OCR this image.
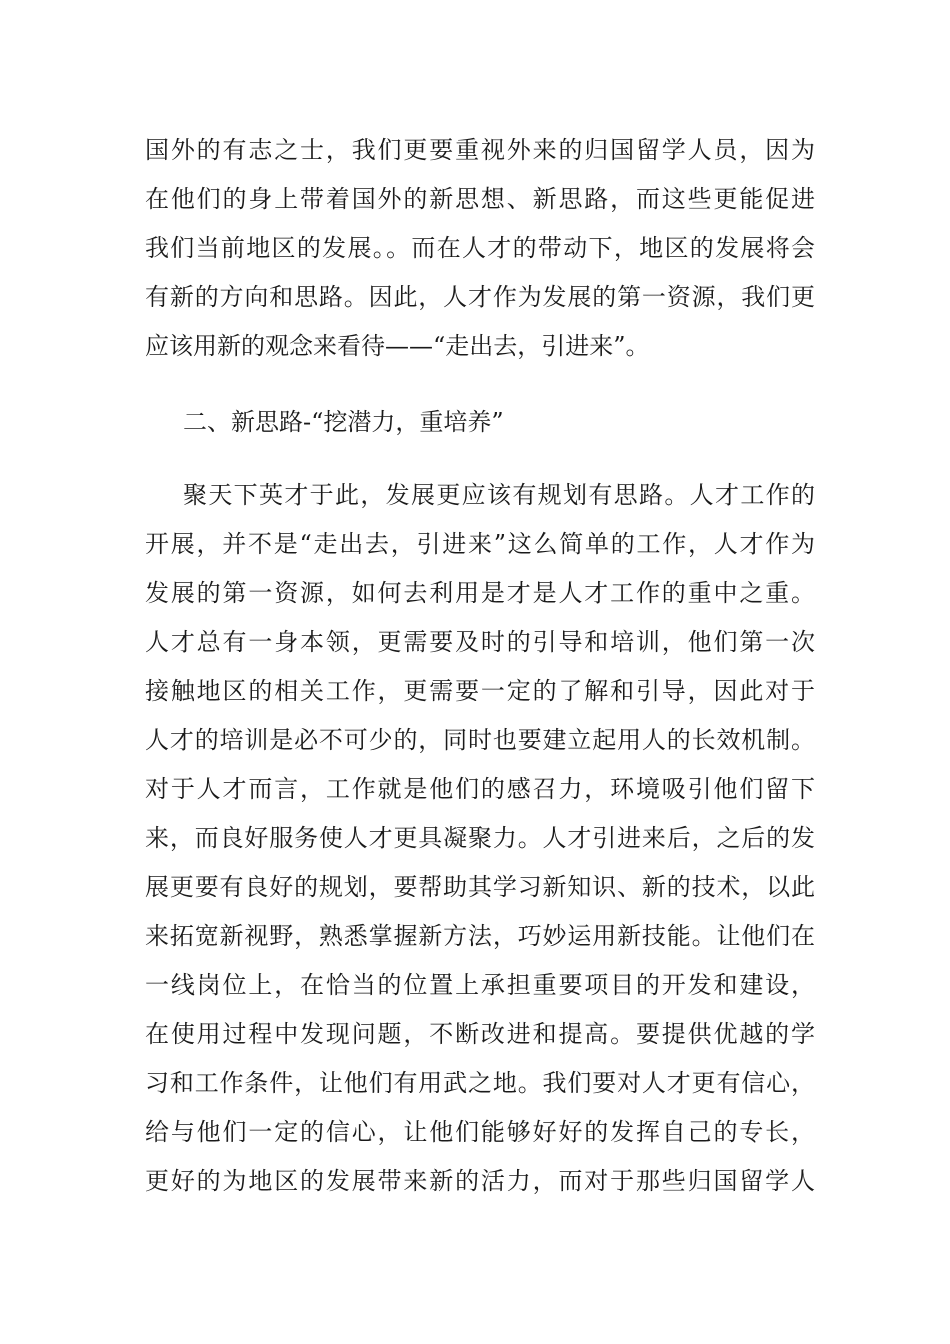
国外的有志之士，我们更要重视外来的归国留学人员，因为
在他们的身上带着国外的新思想、新思路，而这些更能促进
我们当前地区的发展。。而在人才的带动下，地区的发展将会
有新的方向和思路。因此，人才作为发展的第一资源，我们更
应该用新的观念来看待——“走出去，引进来”。
二、新思路-“挖潜力，重培养”
聚天下英才于此，发展更应该有规划有思路。人才工作的
开展，并不是“走出去，引进来”这么简单的工作，人才作为
发展的第一资源，如何去利用是才是人才工作的重中之重。
人才总有一身本领，更需要及时的引导和培训，他们第一次
接触地区的相关工作，更需要一定的了解和引导，因此对于
人才的培训是必不可少的，同时也要建立起用人的长效机制。
对于人才而言，工作就是他们的感召力，环境吸引他们留下
来，而良好服务使人才更具凝聚力。人才引进来后，之后的发
展更要有良好的规划，要帮助其学习新知识、新的技术，以此
来拓宽新视野，熟悉掌握新方法，巧妙运用新技能。让他们在
一线岗位上，在恰当的位置上承担重要项目的开发和建设，
在使用过程中发现问题，不断改进和提高。要提供优越的学
习和工作条件，让他们有用武之地。我们要对人才更有信心，
给与他们一定的信心，让他们能够好好的发挥自己的专长，
更好的为地区的发展带来新的活力，而对于那些归国留学人
